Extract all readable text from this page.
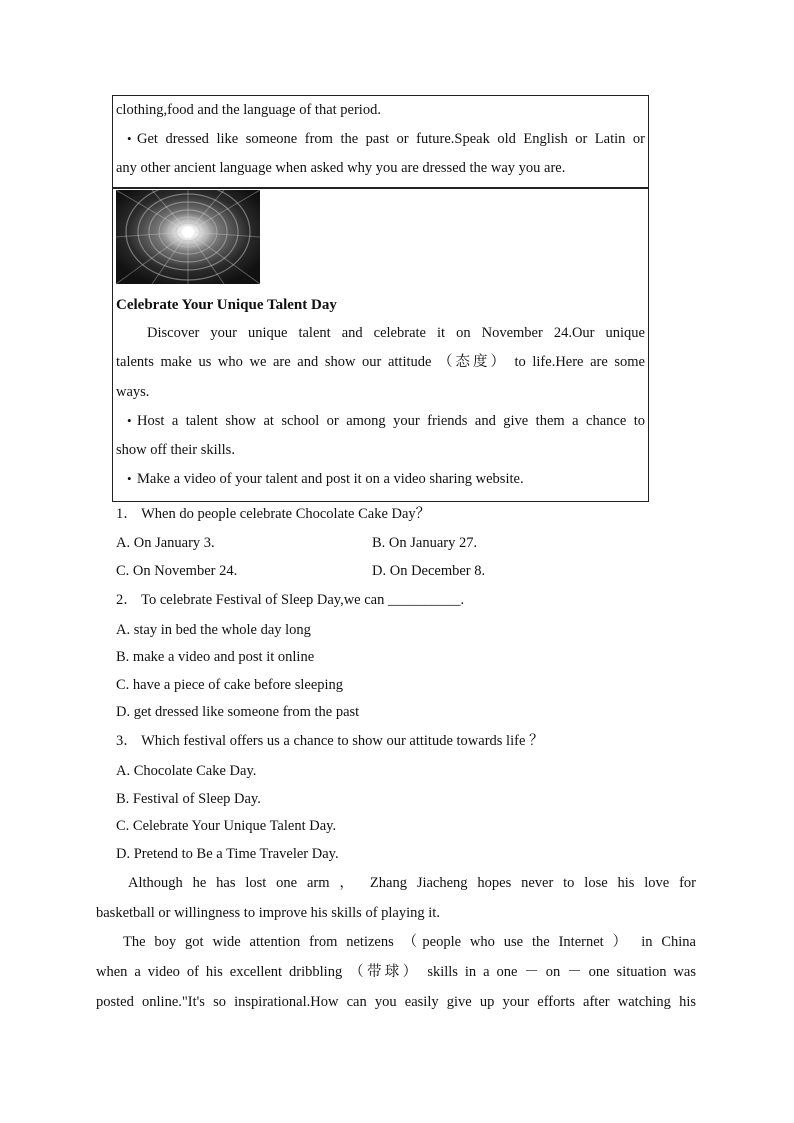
clothing,food and the language of that period.
•Get dressed like someone from the past or future.Speak old English or Latin or
any other ancient language when asked why you are dressed the way you are.
Celebrate Your Unique Talent Day
Discover your unique talent and celebrate it on November 24.Our unique
talents make us who we are and show our attitude （态度） to life.Here are some
ways.
•Host a talent show at school or among your friends and give them a chance to
show off their skills.
•Make a video of your talent and post it on a video sharing website.
1． When do people celebrate Chocolate Cake Day？
A. On January 3.	B. On January 27.
C. On November 24.	D. On December 8.
2． To celebrate Festival of Sleep Day,we can __________.
A. stay in bed the whole day long
B. make a video and post it online
C. have a piece of cake before sleeping
D. get dressed like someone from the past
3． Which festival offers us a chance to show our attitude towards life ？
A. Chocolate Cake Day.
B. Festival of Sleep Day.
C. Celebrate Your Unique Talent Day.
D. Pretend to Be a Time Traveler Day.
Although he has lost one arm ， Zhang Jiacheng hopes never to lose his love for
basketball or willingness to improve his skills of playing it.
The boy got wide attention from netizens （people who use the Internet ） in China
when a video of his excellent dribbling （带球） skills in a one － on － one situation was
posted online."It's so inspirational.How can you easily give up your efforts after watching his
